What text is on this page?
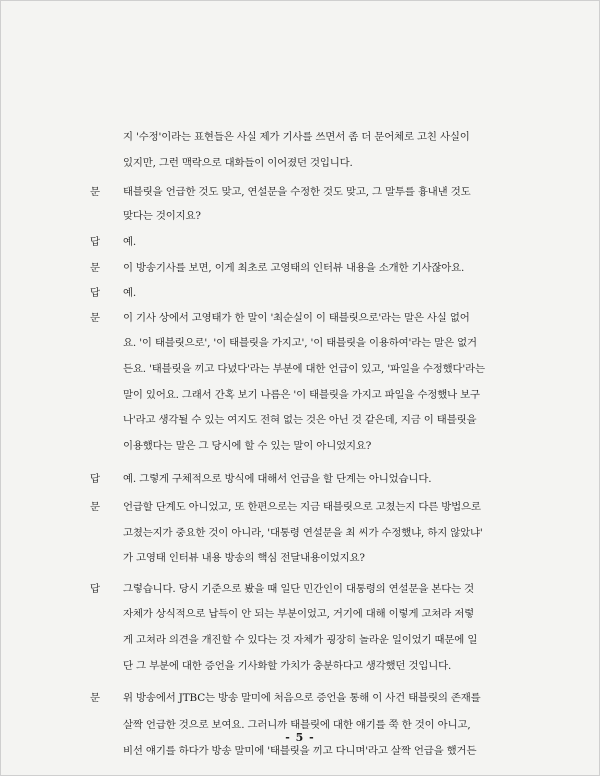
지 '수정'이라는 표현들은 사실 제가 기사를 쓰면서 좀 더 문어체로 고친 사실이
있지만, 그런 맥락으로 대화들이 이어졌던 것입니다.
문 태블릿을 언급한 것도 맞고, 연설문을 수정한 것도 맞고, 그 말투를 흉내낸 것도
맞다는 것이지요?
답 예.
문 이 방송기사를 보면, 이게 최초로 고영태의 인터뷰 내용을 소개한 기사잖아요.
답 예.
문 이 기사 상에서 고영태가 한 말이 '최순실이 이 태블릿으로'라는 말은 사실 없어
요. '이 태블릿으로', '이 태블릿을 가지고', '이 태블릿을 이용하여'라는 말은 없거
든요. '태블릿을 끼고 다녔다'라는 부분에 대한 언급이 있고, '파일을 수정했다'라는
말이 있어요. 그래서 간혹 보기 나름은 '이 태블릿을 가지고 파일을 수정했나 보구
나'라고 생각될 수 있는 여지도 전혀 없는 것은 아닌 것 같은데, 지금 이 태블릿을
이용했다는 말은 그 당시에 할 수 있는 말이 아니었지요?
답 예. 그렇게 구체적으로 방식에 대해서 언급을 할 단계는 아니었습니다.
문 언급할 단계도 아니었고, 또 한편으로는 지금 태블릿으로 고쳤는지 다른 방법으로
고쳤는지가 중요한 것이 아니라, '대통령 연설문을 최 씨가 수정했냐, 하지 않았냐'
가 고영태 인터뷰 내용 방송의 핵심 전달내용이었지요?
답 그렇습니다. 당시 기준으로 봤을 때 일단 민간인이 대통령의 연설문을 본다는 것
자체가 상식적으로 납득이 안 되는 부분이었고, 거기에 대해 이렇게 고쳐라 저렇
게 고쳐라 의견을 개진할 수 있다는 것 자체가 굉장히 놀라운 일이었기 때문에 일
단 그 부분에 대한 증언을 기사화할 가치가 충분하다고 생각했던 것입니다.
문 위 방송에서 JTBC는 방송 말미에 처음으로 증언을 통해 이 사건 태블릿의 존재를
살짝 언급한 것으로 보여요. 그러니까 태블릿에 대한 얘기를 쭉 한 것이 아니고,
비선 얘기를 하다가 방송 말미에 '태블릿을 끼고 다니며'라고 살짝 언급을 했거든
- 5 -
